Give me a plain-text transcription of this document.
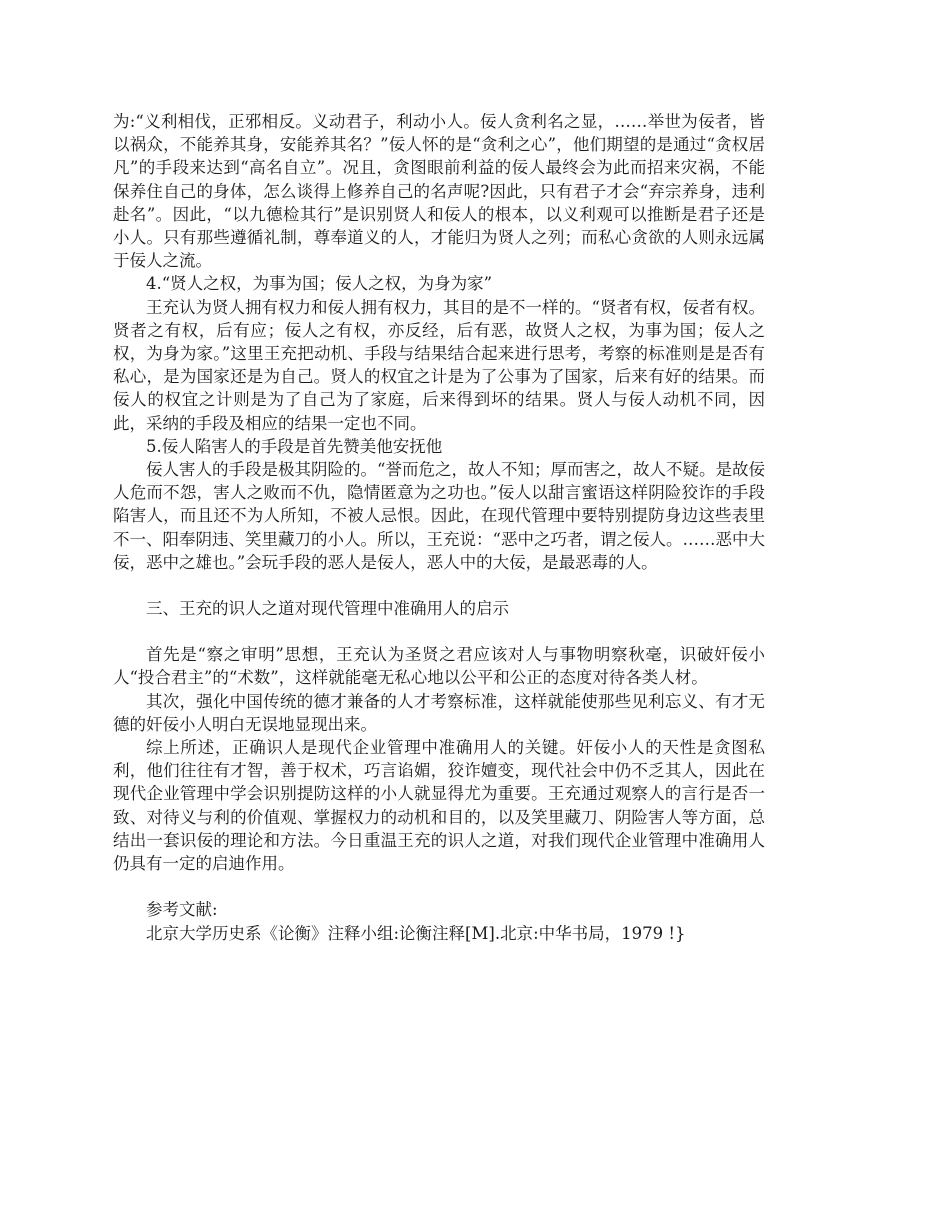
为:“义利相伐，正邪相反。义动君子，利动小人。佞人贪利名之显，……举世为佞者，皆以祸众，不能养其身，安能养其名？”佞人怀的是“贪利之心”，他们期望的是通过“贪权居凡”的手段来达到“高名自立”。况且，贪图眼前利益的佞人最终会为此而招来灾祸，不能保养住自己的身体，怎么谈得上修养自己的名声呢?因此，只有君子才会“弃宗养身，违利赴名”。因此，“以九德检其行”是识别贤人和佞人的根本，以义利观可以推断是君子还是小人。只有那些遵循礼制，尊奉道义的人，才能归为贤人之列；而私心贪欲的人则永远属于佞人之流。

4.“贤人之权，为事为国；佞人之权，为身为家”

王充认为贤人拥有权力和佞人拥有权力，其目的是不一样的。“贤者有权，佞者有权。贤者之有权，后有应；佞人之有权，亦反经，后有恶，故贤人之权，为事为国；佞人之权，为身为家。”这里王充把动机、手段与结果结合起来进行思考，考察的标准则是是否有私心，是为国家还是为自己。贤人的权宜之计是为了公事为了国家，后来有好的结果。而佞人的权宜之计则是为了自己为了家庭，后来得到坏的结果。贤人与佞人动机不同，因此，采纳的手段及相应的结果一定也不同。

5.佞人陷害人的手段是首先赞美他安抚他

佞人害人的手段是极其阴险的。“誉而危之，故人不知；厚而害之，故人不疑。是故佞人危而不怨，害人之败而不仇，隐情匿意为之功也。”佞人以甜言蜜语这样阴险狡诈的手段陷害人，而且还不为人所知，不被人忌恨。因此，在现代管理中要特别提防身边这些表里不一、阳奉阴违、笑里藏刀的小人。所以，王充说：“恶中之巧者，谓之佞人。……恶中大佞，恶中之雄也。”会玩手段的恶人是佞人，恶人中的大佞，是最恶毒的人。

三、王充的识人之道对现代管理中准确用人的启示

首先是“察之审明”思想，王充认为圣贤之君应该对人与事物明察秋毫，识破奸佞小人“投合君主”的“术数”，这样就能毫无私心地以公平和公正的态度对待各类人材。

其次，强化中国传统的德才兼备的人才考察标准，这样就能使那些见利忘义、有才无德的奸佞小人明白无误地显现出来。

综上所述，正确识人是现代企业管理中准确用人的关键。奸佞小人的天性是贪图私利，他们往往有才智，善于权术，巧言谄媚，狡诈嬗变，现代社会中仍不乏其人，因此在现代企业管理中学会识别提防这样的小人就显得尤为重要。王充通过观察人的言行是否一致、对待义与利的价值观、掌握权力的动机和目的，以及笑里藏刀、阴险害人等方面，总结出一套识佞的理论和方法。今日重温王充的识人之道，对我们现代企业管理中准确用人仍具有一定的启迪作用。

参考文献:

北京大学历史系《论衡》注释小组:论衡注释[M].北京:中华书局，1979 !}
